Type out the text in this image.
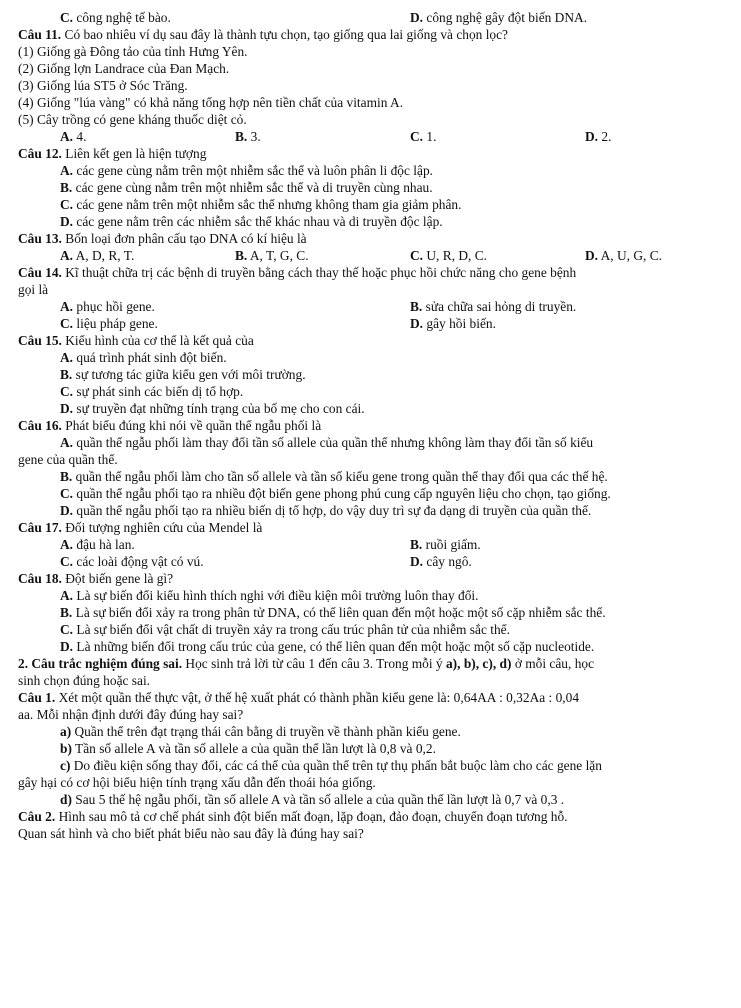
C. công nghệ tế bào.	D. công nghệ gây đột biến DNA.

Câu 11. Có bao nhiêu ví dụ sau đây là thành tựu chọn, tạo giống qua lai giống và chọn lọc?

(1) Giống gà Đông tảo của tỉnh Hưng Yên.

(2) Giống lợn Landrace của Đan Mạch.

(3) Giống lúa ST5 ở Sóc Trăng.

(4) Giống "lúa vàng" có khả năng tổng hợp nên tiền chất của vitamin A.

(5) Cây trồng có gene kháng thuốc diệt cỏ.

A. 4.	B. 3.	C. 1.	D. 2.

Câu 12. Liên kết gen là hiện tượng

A. các gene cùng nằm trên một nhiễm sắc thể và luôn phân li độc lập.

B. các gene cùng nằm trên một nhiễm sắc thể và di truyền cùng nhau.

C. các gene nằm trên một nhiễm sắc thể nhưng không tham gia giảm phân.

D. các gene nằm trên các nhiễm sắc thể khác nhau và di truyền độc lập.

Câu 13. Bốn loại đơn phân cấu tạo DNA có kí hiệu là

A. A, D, R, T.	B. A, T, G, C.	C. U, R, D, C.	D. A, U, G, C.

Câu 14. Kĩ thuật chữa trị các bệnh di truyền bằng cách thay thế hoặc phục hồi chức năng cho gene bệnh

gọi là

A. phục hồi gene.	B. sửa chữa sai hỏng di truyền.
C. liệu pháp gene.	D. gây hồi biến.

Câu 15. Kiểu hình của cơ thể là kết quả của

A. quá trình phát sinh đột biến.

B. sự tương tác giữa kiểu gen với môi trường.

C. sự phát sinh các biến dị tổ hợp.

D. sự truyền đạt những tính trạng của bố mẹ cho con cái.

Câu 16. Phát biểu đúng khi nói về quần thể ngẫu phối là

A. quần thể ngẫu phối làm thay đổi tần số allele của quần thể nhưng không làm thay đổi tần số kiểu

gene của quần thể.

B. quần thể ngẫu phối làm cho tần số allele và tần số kiểu gene trong quần thể thay đổi qua các thế hệ.

C. quần thể ngẫu phối tạo ra nhiều đột biến gene phong phú cung cấp nguyên liệu cho chọn, tạo giống.

D. quần thể ngẫu phối tạo ra nhiều biến dị tổ hợp, do vậy duy trì sự đa dạng di truyền của quần thể.

Câu 17. Đối tượng nghiên cứu của Mendel là

A. đậu hà lan.	B. ruồi giấm.
C. các loài động vật có vú.	D. cây ngô.

Câu 18. Đột biến gene là gì?

A. Là sự biến đổi kiểu hình thích nghi với điều kiện môi trường luôn thay đổi.

B. Là sự biến đổi xảy ra trong phân tử DNA, có thể liên quan đến một hoặc một số cặp nhiễm sắc thể.

C. Là sự biến đổi vật chất di truyền xảy ra trong cấu trúc phân tử của nhiễm sắc thể.

D. Là những biến đổi trong cấu trúc của gene, có thể liên quan đến một hoặc một số cặp nucleotide.

2. Câu trắc nghiệm đúng sai. Học sinh trả lời từ câu 1 đến câu 3. Trong mỗi ý a), b), c), d) ở mỗi câu, học

sinh chọn đúng hoặc sai.

Câu 1. Xét một quần thể thực vật, ở thế hệ xuất phát có thành phần kiểu gene là: 0,64AA : 0,32Aa : 0,04

aa. Mỗi nhận định dưới đây đúng hay sai?

a) Quần thể trên đạt trạng thái cân bằng di truyền về thành phần kiểu gene.

b) Tần số allele A và tần số allele a của quần thể lần lượt là 0,8 và 0,2.

c) Do điều kiện sống thay đổi, các cá thể của quần thể trên tự thụ phấn bắt buộc làm cho các gene lặn

gây hại có cơ hội biểu hiện tính trạng xấu dẫn đến thoái hóa giống.

d) Sau 5 thế hệ ngẫu phối, tần số allele A và tần số allele a của quần thể lần lượt là 0,7 và 0,3 .

Câu 2. Hình sau mô tả cơ chế phát sinh đột biến mất đoạn, lặp đoạn, đảo đoạn, chuyển đoạn tương hỗ.

Quan sát hình và cho biết phát biểu nào sau đây là đúng hay sai?
